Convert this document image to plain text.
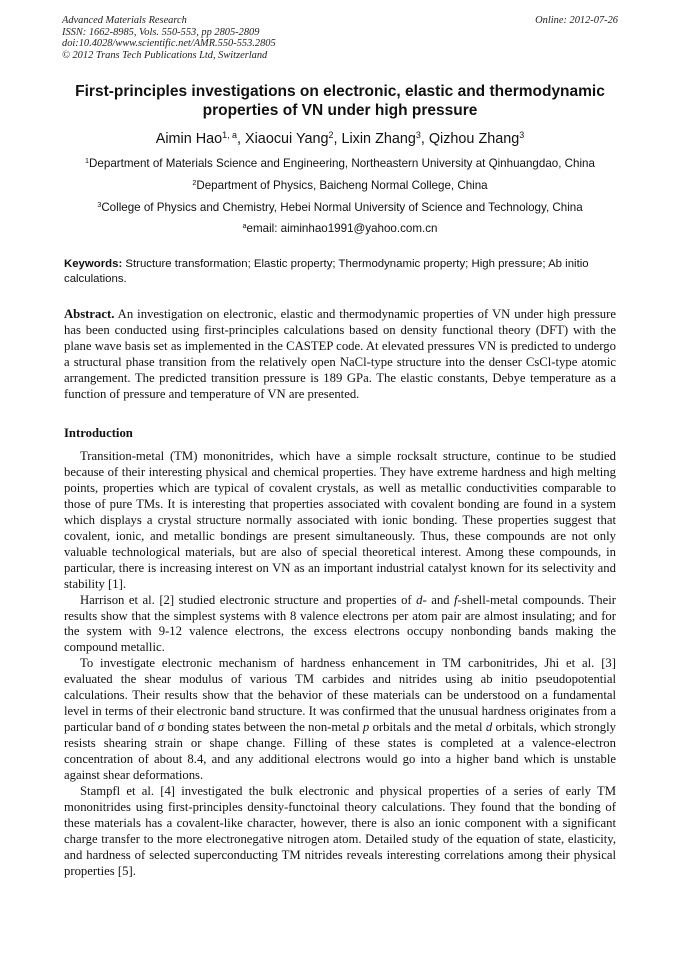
Advanced Materials Research
ISSN: 1662-8985, Vols. 550-553, pp 2805-2809
doi:10.4028/www.scientific.net/AMR.550-553.2805
© 2012 Trans Tech Publications Ltd, Switzerland
Online: 2012-07-26
First-principles investigations on electronic, elastic and thermodynamic
properties of VN under high pressure
Aimin Hao$^{1, a}$, Xiaocui Yang$^2$, Lixin Zhang$^3$, Qizhou Zhang$^3$
$^1$Department of Materials Science and Engineering, Northeastern University at Qinhuangdao, China
$^2$Department of Physics, Baicheng Normal College, China
$^3$College of Physics and Chemistry, Hebei Normal University of Science and Technology, China
$^a$email: aiminhao1991@yahoo.com.cn
Keywords: Structure transformation; Elastic property; Thermodynamic property; High pressure; Ab initio calculations.
Abstract. An investigation on electronic, elastic and thermodynamic properties of VN under high pressure has been conducted using first-principles calculations based on density functional theory (DFT) with the plane wave basis set as implemented in the CASTEP code. At elevated pressures VN is predicted to undergo a structural phase transition from the relatively open NaCl-type structure into the denser CsCl-type atomic arrangement. The predicted transition pressure is 189 GPa. The elastic constants, Debye temperature as a function of pressure and temperature of VN are presented.
Introduction

Transition-metal (TM) mononitrides, which have a simple rocksalt structure, continue to be studied because of their interesting physical and chemical properties. They have extreme hardness and high melting points, properties which are typical of covalent crystals, as well as metallic conductivities comparable to those of pure TMs. It is interesting that properties associated with covalent bonding are found in a system which displays a crystal structure normally associated with ionic bonding. These properties suggest that covalent, ionic, and metallic bondings are present simultaneously. Thus, these compounds are not only valuable technological materials, but are also of special theoretical interest. Among these compounds, in particular, there is increasing interest on VN as an important industrial catalyst known for its selectivity and stability [1].

Harrison et al. [2] studied electronic structure and properties of d- and f-shell-metal compounds. Their results show that the simplest systems with 8 valence electrons per atom pair are almost insulating; and for the system with 9-12 valence electrons, the excess electrons occupy nonbonding bands making the compound metallic.

To investigate electronic mechanism of hardness enhancement in TM carbonitrides, Jhi et al. [3] evaluated the shear modulus of various TM carbides and nitrides using ab initio pseudopotential calculations. Their results show that the behavior of these materials can be understood on a fundamental level in terms of their electronic band structure. It was confirmed that the unusual hardness originates from a particular band of σ bonding states between the non-metal p orbitals and the metal d orbitals, which strongly resists shearing strain or shape change. Filling of these states is completed at a valence-electron concentration of about 8.4, and any additional electrons would go into a higher band which is unstable against shear deformations.

Stampfl et al. [4] investigated the bulk electronic and physical properties of a series of early TM mononitrides using first-principles density-functoinal theory calculations. They found that the bonding of these materials has a covalent-like character, however, there is also an ionic component with a significant charge transfer to the more electronegative nitrogen atom. Detailed study of the equation of state, elasticity, and hardness of selected superconducting TM nitrides reveals interesting correlations among their physical properties [5].
